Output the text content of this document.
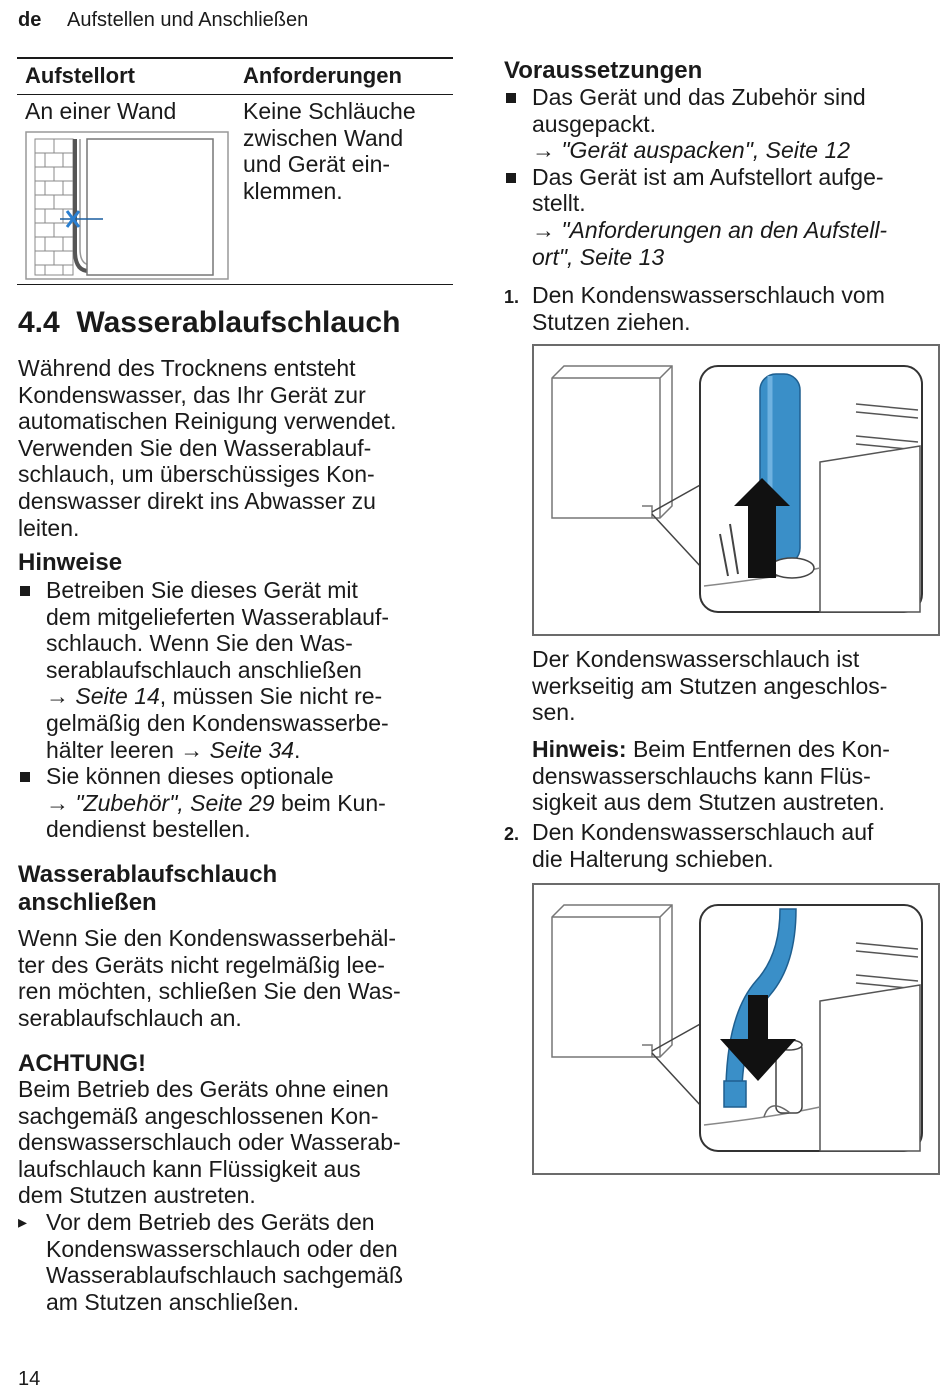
de Aufstellen und Anschließen
Aufstellort	Anforderungen
An einer Wand	Keine Schläuche
zwischen Wand
und Gerät ein-
klemmen.
4.4 Wasserablaufschlauch
Während des Trocknens entsteht
Kondenswasser, das Ihr Gerät zur
automatischen Reinigung verwendet.
Verwenden Sie den Wasserablauf-
schlauch, um überschüssiges Kon-
denswasser direkt ins Abwasser zu
leiten.
Hinweise
Betreiben Sie dieses Gerät mit
dem mitgelieferten Wasserablauf-
schlauch. Wenn Sie den Was-
serablaufschlauch anschließen
→ Seite 14, müssen Sie nicht re-
gelmäßig den Kondenswasserbe-
hälter leeren → Seite 34.
Sie können dieses optionale
→ "Zubehör", Seite 29 beim Kun-
dendienst bestellen.
Wasserablaufschlauch
anschließen
Wenn Sie den Kondenswasserbehäl-
ter des Geräts nicht regelmäßig lee-
ren möchten, schließen Sie den Was-
serablaufschlauch an.
ACHTUNG!
Beim Betrieb des Geräts ohne einen
sachgemäß angeschlossenen Kon-
denswasserschlauch oder Wasserab-
laufschlauch kann Flüssigkeit aus
dem Stutzen austreten.
▸ Vor dem Betrieb des Geräts den
Kondenswasserschlauch oder den
Wasserablaufschlauch sachgemäß
am Stutzen anschließen.
Voraussetzungen
Das Gerät und das Zubehör sind
ausgepackt.
→ "Gerät auspacken", Seite 12
Das Gerät ist am Aufstellort aufge-
stellt.
→ "Anforderungen an den Aufstell-
ort", Seite 13
1. Den Kondenswasserschlauch vom
Stutzen ziehen.
Der Kondenswasserschlauch ist
werkseitig am Stutzen angeschlos-
sen.
Hinweis: Beim Entfernen des Kon-
denswasserschlauchs kann Flüs-
sigkeit aus dem Stutzen austreten.
2. Den Kondenswasserschlauch auf
die Halterung schieben.
14
